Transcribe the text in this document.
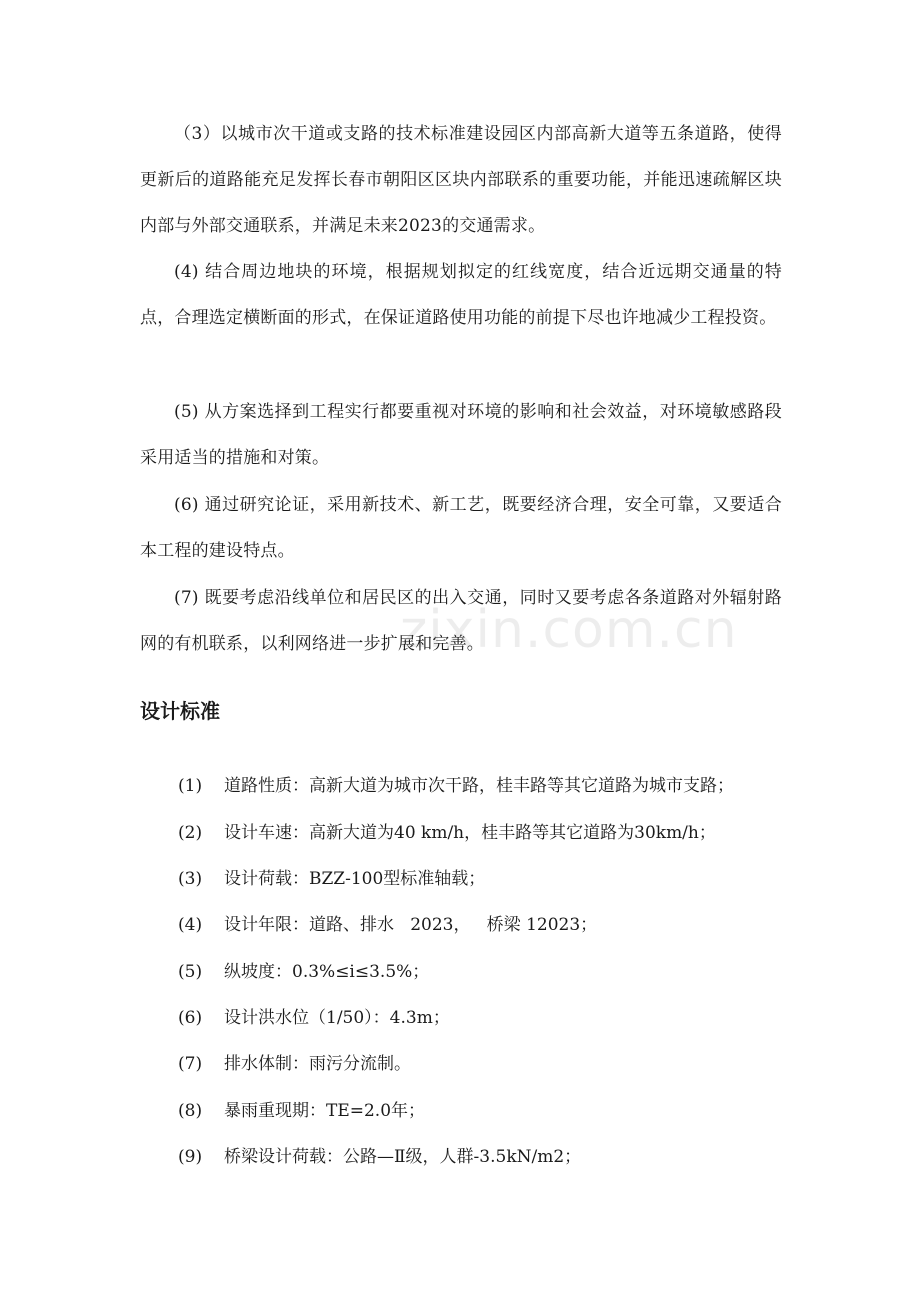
（3）以城市次干道或支路的技术标准建设园区内部高新大道等五条道路，使得更新后的道路能充足发挥长春市朝阳区区块内部联系的重要功能，并能迅速疏解区块内部与外部交通联系，并满足未来2023的交通需求。

(4) 结合周边地块的环境，根据规划拟定的红线宽度，结合近远期交通量的特点，合理选定横断面的形式，在保证道路使用功能的前提下尽也许地减少工程投资。

(5) 从方案选择到工程实行都要重视对环境的影响和社会效益，对环境敏感路段采用适当的措施和对策。

(6) 通过研究论证，采用新技术、新工艺，既要经济合理，安全可靠，又要适合本工程的建设特点。

(7) 既要考虑沿线单位和居民区的出入交通，同时又要考虑各条道路对外辐射路网的有机联系，以利网络进一步扩展和完善。

设计标准

(1) 道路性质：高新大道为城市次干路，桂丰路等其它道路为城市支路；

(2) 设计车速：高新大道为40 km/h，桂丰路等其它道路为30km/h；

(3) 设计荷载：BZZ-100型标准轴载；

(4) 设计年限：道路、排水   2023，   桥梁 12023；

(5) 纵坡度：0.3%≤i≤3.5%；

(6) 设计洪水位（1/50）：4.3m；

(7) 排水体制：雨污分流制。

(8) 暴雨重现期：TE=2.0年；

(9) 桥梁设计荷载：公路—Ⅱ级，人群-3.5kN/m2；

zixin.com.cn
